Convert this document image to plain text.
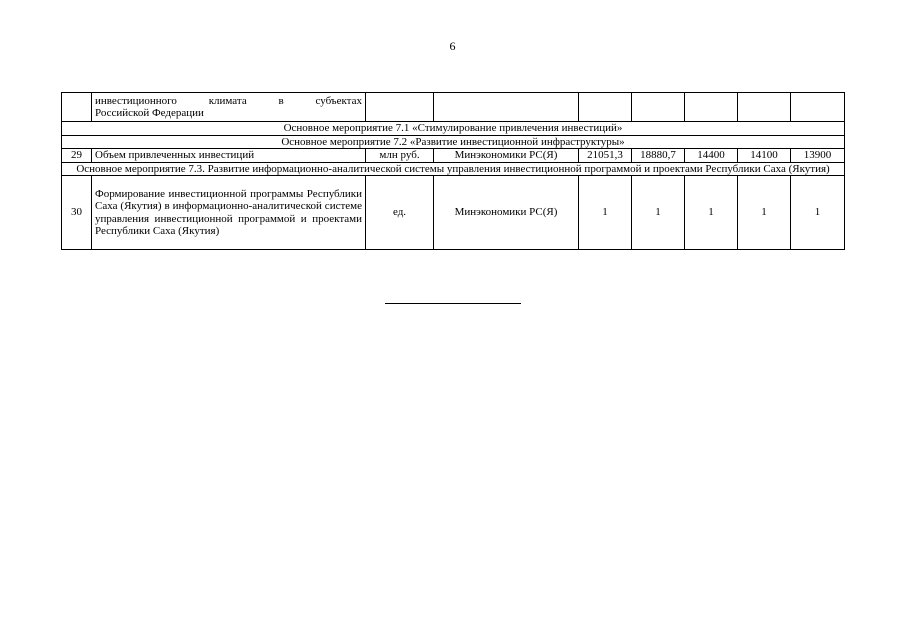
6

	инвестиционного климата в субъектах
Российской Федерации							

Основное мероприятие 7.1 «Стимулирование привлечения инвестиций»								
Основное мероприятие 7.2 «Развитие инвестиционной инфраструктуры»								
29	Объем привлеченных инвестиций	млн руб.	Минэкономики РС(Я)	21051,3	18880,7	14400	14100	13900
Основное мероприятие 7.3. Развитие информационно-аналитической системы управления инвестиционной программой и проектами Республики Саха (Якутия)								
30	Формирование инвестиционной программы Республики Саха (Якутия) в информационно-аналитической системе управления инвестиционной программой и проектами Республики Саха (Якутия)	ед.	Минэкономики РС(Я)	1	1	1	1	1
